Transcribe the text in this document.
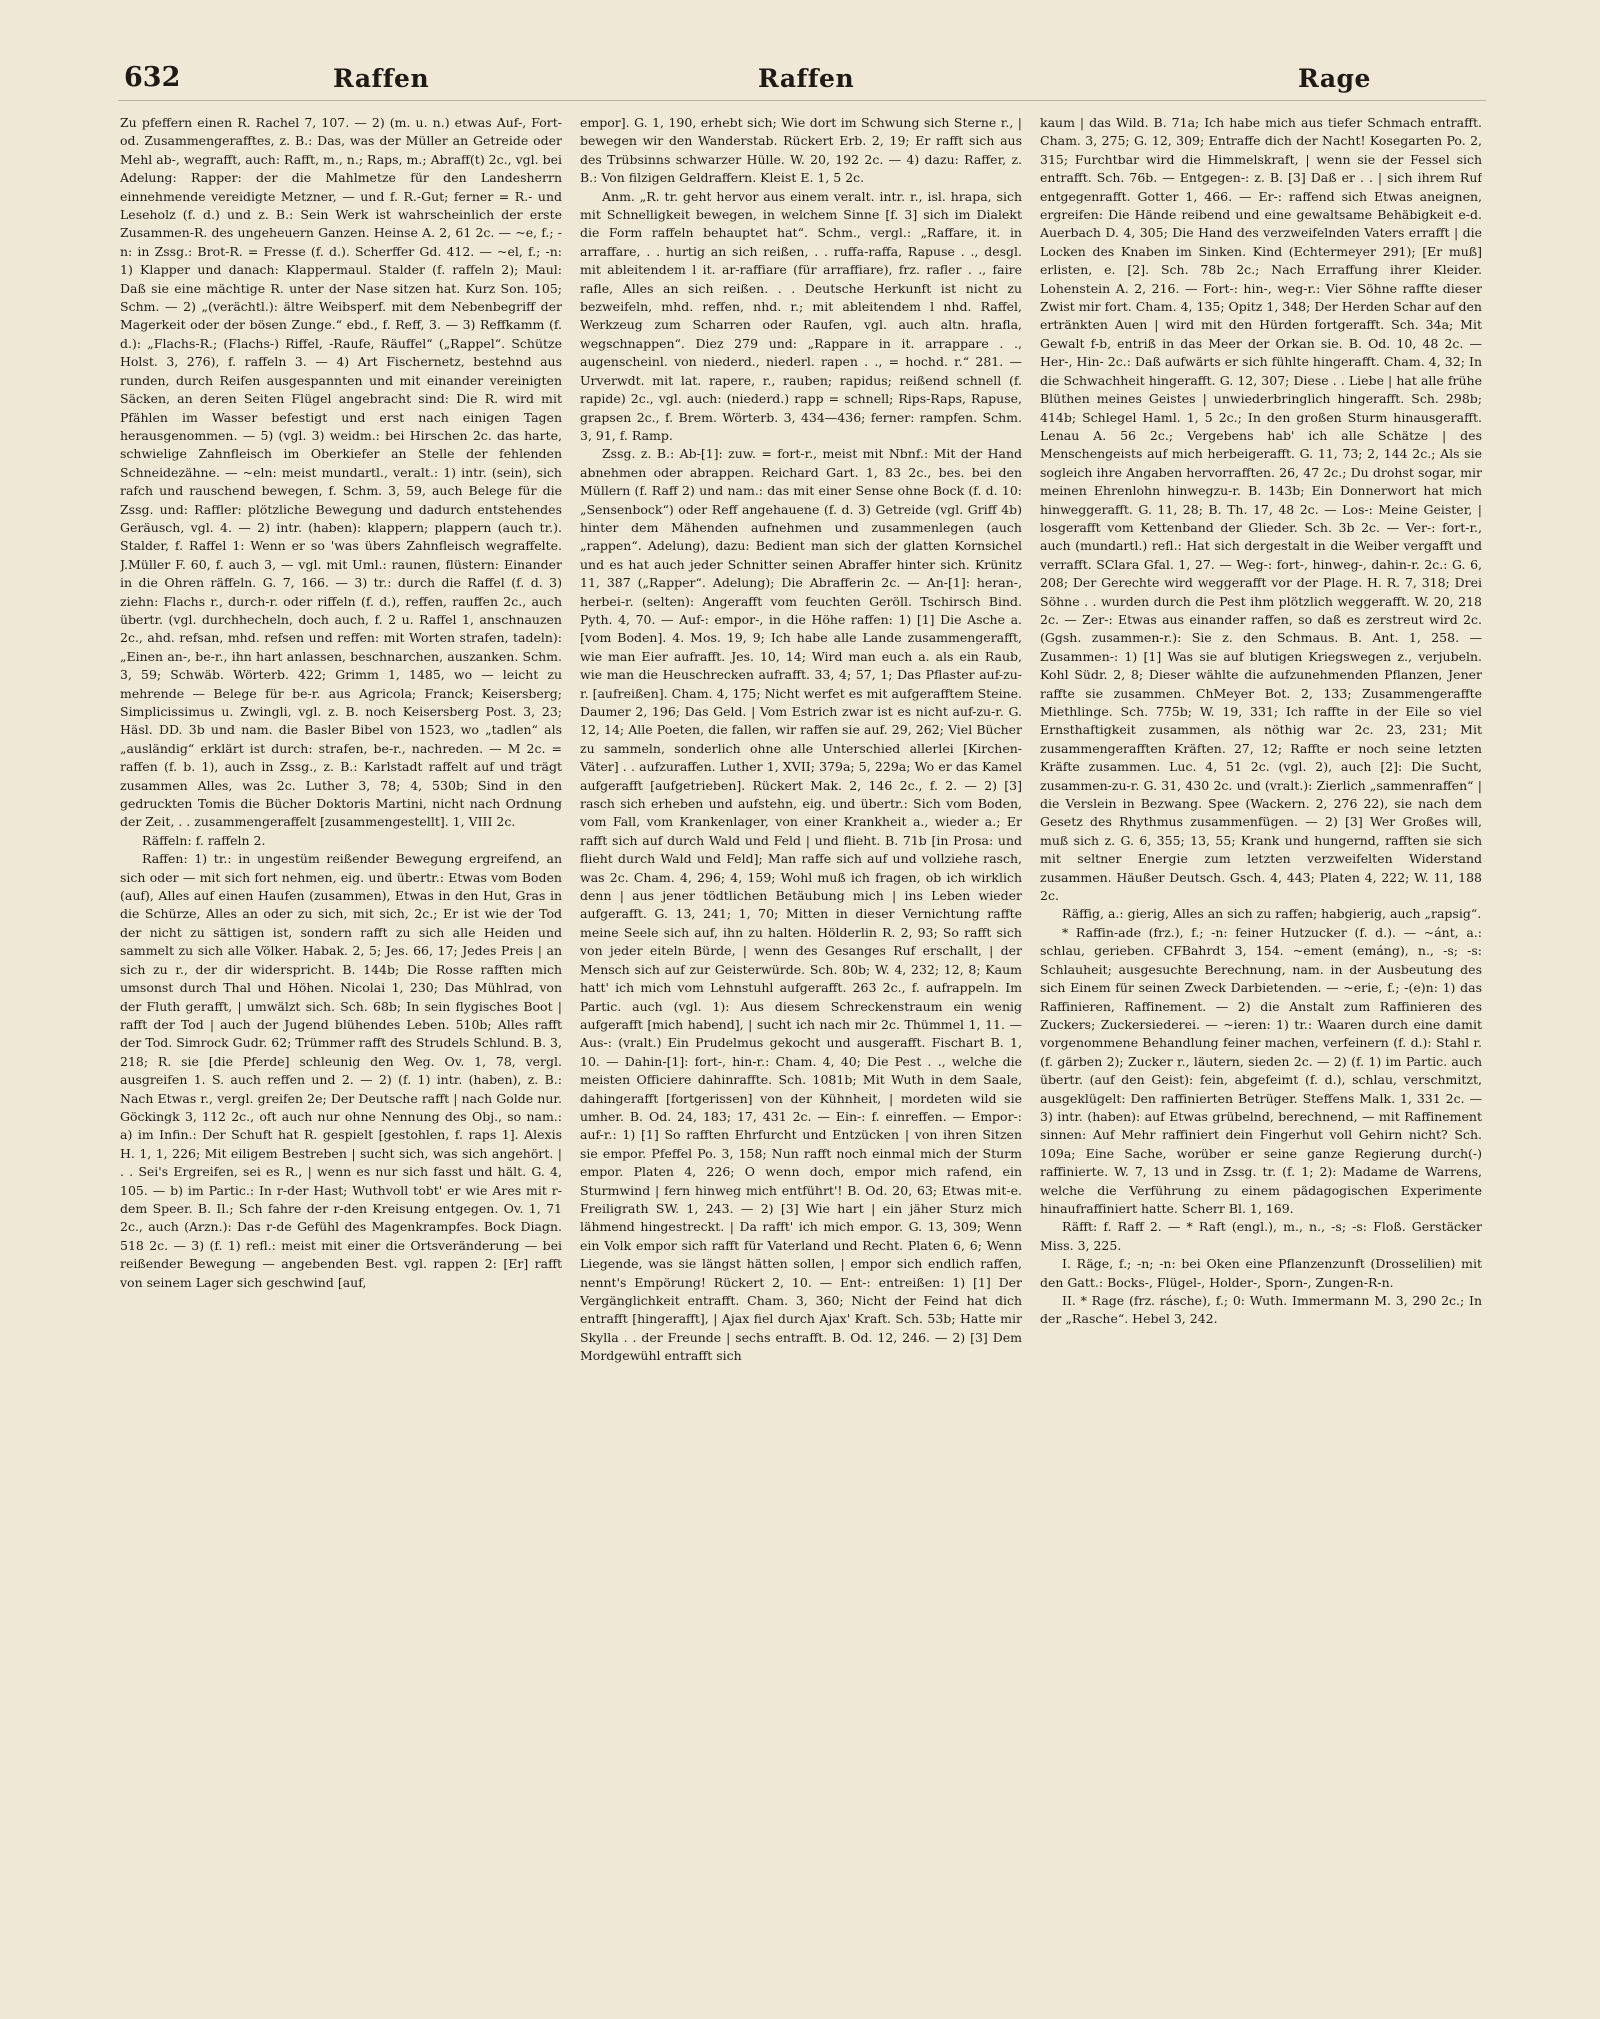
632	Raffen	Raffen	Rage

Zu pfeffern einen R. Rachel 7, 107. — 2) (m. u. n.) etwas Auf-, Fort- od. Zusammengerafftes, z. B.: Das, was der Müller an Getreide oder Mehl ab-, wegrafft, auch: Rafft, m., n.; Raps, m.; Abraff(t) 2c., vgl. bei Adelung: Rapper: der die Mahlmetze für den Landesherrn einnehmende vereidigte Metzner, — und f. R.-Gut; ferner = R.- und Leseholz (f. d.) und z. B.: Sein Werk ist wahrscheinlich der erste Zusammen-R. des ungeheuern Ganzen. Heinse A. 2, 61 2c. — ~e, f.; -n: in Zssg.: Brot-R. = Fresse (f. d.). Scherffer Gd. 412. — ~el, f.; -n: 1) Klapper und danach: Klappermaul. Stalder (f. raffeln 2); Maul: Daß sie eine mächtige R. unter der Nase sitzen hat. Kurz Son. 105; Schm. — 2) „(verächtl.): ältre Weibsperf. mit dem Nebenbegriff der Magerkeit oder der bösen Zunge.“ ebd., f. Reff, 3. — 3) Reffkamm (f. d.): „Flachs-R.; (Flachs-) Riffel, -Raufe, Räuffel“ („Rappel“. Schütze Holst. 3, 276), f. raffeln 3. — 4) Art Fischernetz, bestehnd aus runden, durch Reifen ausgespannten und mit einander vereinigten Säcken, an deren Seiten Flügel angebracht sind: Die R. wird mit Pfählen im Wasser befestigt und erst nach einigen Tagen herausgenommen. — 5) (vgl. 3) weidm.: bei Hirschen 2c. das harte, schwielige Zahnfleisch im Oberkiefer an Stelle der fehlenden Schneidezähne. — ~eln: meist mundartl., veralt.: 1) intr. (sein), sich rafch und rauschend bewegen, f. Schm. 3, 59, auch Belege für die Zssg. und: Raffler: plötzliche Bewegung und dadurch entstehendes Geräusch, vgl. 4. — 2) intr. (haben): klappern; plappern (auch tr.). Stalder, f. Raffel 1: Wenn er so 'was übers Zahnfleisch wegraffelte. J.Müller F. 60, f. auch 3, — vgl. mit Uml.: raunen, flüstern: Einander in die Ohren räffeln. G. 7, 166. — 3) tr.: durch die Raffel (f. d. 3) ziehn: Flachs r., durch-r. oder riffeln (f. d.), reffen, rauffen 2c., auch übertr. (vgl. durchhecheln, doch auch, f. 2 u. Raffel 1, anschnauzen 2c., ahd. refsan, mhd. refsen und reffen: mit Worten strafen, tadeln): „Einen an-, be-r., ihn hart anlassen, beschnarchen, auszanken. Schm. 3, 59; Schwäb. Wörterb. 422; Grimm 1, 1485, wo — leicht zu mehrende — Belege für be-r. aus Agricola; Franck; Keisersberg; Simplicissimus u. Zwingli, vgl. z. B. noch Keisersberg Post. 3, 23; Häsl. DD. 3b und nam. die Basler Bibel von 1523, wo „tadlen“ als „ausländig“ erklärt ist durch: strafen, be-r., nachreden. — M 2c. = raffen (f. b. 1), auch in Zssg., z. B.: Karlstadt raffelt auf und trägt zusammen Alles, was 2c. Luther 3, 78; 4, 530b; Sind in den gedruckten Tomis die Bücher Doktoris Martini, nicht nach Ordnung der Zeit, . . zusammengeraffelt [zusammengestellt]. 1, VIII 2c.

Räffeln: f. raffeln 2.

Raffen: 1) tr.: in ungestüm reißender Bewegung ergreifend, an sich oder — mit sich fort nehmen, eig. und übertr.: Etwas vom Boden (auf), Alles auf einen Haufen (zusammen), Etwas in den Hut, Gras in die Schürze, Alles an oder zu sich, mit sich, 2c.; Er ist wie der Tod der nicht zu sättigen ist, sondern rafft zu sich alle Heiden und sammelt zu sich alle Völker. Habak. 2, 5; Jes. 66, 17; Jedes Preis | an sich zu r., der dir widerspricht. B. 144b; Die Rosse rafften mich umsonst durch Thal und Höhen. Nicolai 1, 230; Das Mühlrad, von der Fluth gerafft, | umwälzt sich. Sch. 68b; In sein flygisches Boot | rafft der Tod | auch der Jugend blühendes Leben. 510b; Alles rafft der Tod. Simrock Gudr. 62; Trümmer rafft des Strudels Schlund. B. 3, 218; R. sie [die Pferde] schleunig den Weg. Ov. 1, 78, vergl. ausgreifen 1. S. auch reffen und 2. — 2) (f. 1) intr. (haben), z. B.: Nach Etwas r., vergl. greifen 2e; Der Deutsche rafft | nach Golde nur. Göckingk 3, 112 2c., oft auch nur ohne Nennung des Obj., so nam.: a) im Infin.: Der Schuft hat R. gespielt [gestohlen, f. raps 1]. Alexis H. 1, 1, 226; Mit eiligem Bestreben | sucht sich, was sich angehört. | . . Sei's Ergreifen, sei es R., | wenn es nur sich fasst und hält. G. 4, 105. — b) im Partic.: In r-der Hast; Wuthvoll tobt' er wie Ares mit r-dem Speer. B. Il.; Sch fahre der r-den Kreisung entgegen. Ov. 1, 71 2c., auch (Arzn.): Das r-de Gefühl des Magenkrampfes. Bock Diagn. 518 2c. — 3) (f. 1) refl.: meist mit einer die Ortsveränderung — bei reißender Bewegung — angebenden Best. vgl. rappen 2: [Er] rafft von seinem Lager sich geschwind [auf,

empor]. G. 1, 190, erhebt sich; Wie dort im Schwung sich Sterne r., | bewegen wir den Wanderstab. Rückert Erb. 2, 19; Er rafft sich aus des Trübsinns schwarzer Hülle. W. 20, 192 2c. — 4) dazu: Raffer, z. B.: Von filzigen Geldraffern. Kleist E. 1, 5 2c.

Anm. „R. tr. geht hervor aus einem veralt. intr. r., isl. hrapa, sich mit Schnelligkeit bewegen, in welchem Sinne [f. 3] sich im Dialekt die Form raffeln behauptet hat“. Schm., vergl.: „Raffare, it. in arraffare, . . hurtig an sich reißen, . . ruffa-raffa, Rapuse . ., desgl. mit ableitendem l it. ar-raffiare (für arraffiare), frz. rafler . ., faire rafle, Alles an sich reißen. . . Deutsche Herkunft ist nicht zu bezweifeln, mhd. reffen, nhd. r.; mit ableitendem l nhd. Raffel, Werkzeug zum Scharren oder Raufen, vgl. auch altn. hrafla, wegschnappen“. Diez 279 und: „Rappare in it. arrappare . ., augenscheinl. von niederd., niederl. rapen . ., = hochd. r.“ 281. — Urverwdt. mit lat. rapere, r., rauben; rapidus; reißend schnell (f. rapide) 2c., vgl. auch: (niederd.) rapp = schnell; Rips-Raps, Rapuse, grapsen 2c., f. Brem. Wörterb. 3, 434—436; ferner: rampfen. Schm. 3, 91, f. Ramp.

Zssg. z. B.: Ab-[1]: zuw. = fort-r., meist mit Nbnf.: Mit der Hand abnehmen oder abrappen. Reichard Gart. 1, 83 2c., bes. bei den Müllern (f. Raff 2) und nam.: das mit einer Sense ohne Bock (f. d. 10: „Sensenbock“) oder Reff angehauene (f. d. 3) Getreide (vgl. Griff 4b) hinter dem Mähenden aufnehmen und zusammenlegen (auch „rappen“. Adelung), dazu: Bedient man sich der glatten Kornsichel und es hat auch jeder Schnitter seinen Abraffer hinter sich. Krünitz 11, 387 („Rapper“. Adelung); Die Abrafferin 2c. — An-[1]: heran-, herbei-r. (selten): Angerafft vom feuchten Geröll. Tschirsch Bind. Pyth. 4, 70. — Auf-: empor-, in die Höhe raffen: 1) [1] Die Asche a. [vom Boden]. 4. Mos. 19, 9; Ich habe alle Lande zusammengerafft, wie man Eier aufrafft. Jes. 10, 14; Wird man euch a. als ein Raub, wie man die Heuschrecken aufrafft. 33, 4; 57, 1; Das Pflaster auf-zu-r. [aufreißen]. Cham. 4, 175; Nicht werfet es mit aufgerafftem Steine. Daumer 2, 196; Das Geld. | Vom Estrich zwar ist es nicht auf-zu-r. G. 12, 14; Alle Poeten, die fallen, wir raffen sie auf. 29, 262; Viel Bücher zu sammeln, sonderlich ohne alle Unterschied allerlei [Kirchen-Väter] . . aufzuraffen. Luther 1, XVII; 379a; 5, 229a; Wo er das Kamel aufgerafft [aufgetrieben]. Rückert Mak. 2, 146 2c., f. 2. — 2) [3] rasch sich erheben und aufstehn, eig. und übertr.: Sich vom Boden, vom Fall, vom Krankenlager, von einer Krankheit a., wieder a.; Er rafft sich auf durch Wald und Feld | und flieht. B. 71b [in Prosa: und flieht durch Wald und Feld]; Man raffe sich auf und vollziehe rasch, was 2c. Cham. 4, 296; 4, 159; Wohl muß ich fragen, ob ich wirklich denn | aus jener tödtlichen Betäubung mich | ins Leben wieder aufgerafft. G. 13, 241; 1, 70; Mitten in dieser Vernichtung raffte meine Seele sich auf, ihn zu halten. Hölderlin R. 2, 93; So rafft sich von jeder eiteln Bürde, | wenn des Gesanges Ruf erschallt, | der Mensch sich auf zur Geisterwürde. Sch. 80b; W. 4, 232; 12, 8; Kaum hatt' ich mich vom Lehnstuhl aufgerafft. 263 2c., f. aufrappeln. Im Partic. auch (vgl. 1): Aus diesem Schreckenstraum ein wenig aufgerafft [mich habend], | sucht ich nach mir 2c. Thümmel 1, 11. — Aus-: (vralt.) Ein Prudelmus gekocht und ausgerafft. Fischart B. 1, 10. — Dahin-[1]: fort-, hin-r.: Cham. 4, 40; Die Pest . ., welche die meisten Officiere dahinraffte. Sch. 1081b; Mit Wuth in dem Saale, dahingerafft [fortgerissen] von der Kühnheit, | mordeten wild sie umher. B. Od. 24, 183; 17, 431 2c. — Ein-: f. einreffen. — Empor-: auf-r.: 1) [1] So rafften Ehrfurcht und Entzücken | von ihren Sitzen sie empor. Pfeffel Po. 3, 158; Nun rafft noch einmal mich der Sturm empor. Platen 4, 226; O wenn doch, empor mich rafend, ein Sturmwind | fern hinweg mich entführt'! B. Od. 20, 63; Etwas mit-e. Freiligrath SW. 1, 243. — 2) [3] Wie hart | ein jäher Sturz mich lähmend hingestreckt. | Da rafft' ich mich empor. G. 13, 309; Wenn ein Volk empor sich rafft für Vaterland und Recht. Platen 6, 6; Wenn Liegende, was sie längst hätten sollen, | empor sich endlich raffen, nennt's Empörung! Rückert 2, 10. — Ent-: entreißen: 1) [1] Der Vergänglichkeit entrafft. Cham. 3, 360; Nicht der Feind hat dich entrafft [hingerafft], | Ajax fiel durch Ajax' Kraft. Sch. 53b; Hatte mir Skylla . . der Freunde | sechs entrafft. B. Od. 12, 246. — 2) [3] Dem Mordgewühl entrafft sich

kaum | das Wild. B. 71a; Ich habe mich aus tiefer Schmach entrafft. Cham. 3, 275; G. 12, 309; Entraffe dich der Nacht! Kosegarten Po. 2, 315; Furchtbar wird die Himmelskraft, | wenn sie der Fessel sich entrafft. Sch. 76b. — Entgegen-: z. B. [3] Daß er . . | sich ihrem Ruf entgegenrafft. Gotter 1, 466. — Er-: raffend sich Etwas aneignen, ergreifen: Die Hände reibend und eine gewaltsame Behäbigkeit e-d. Auerbach D. 4, 305; Die Hand des verzweifelnden Vaters errafft | die Locken des Knaben im Sinken. Kind (Echtermeyer 291); [Er muß] erlisten, e. [2]. Sch. 78b 2c.; Nach Erraffung ihrer Kleider. Lohenstein A. 2, 216. — Fort-: hin-, weg-r.: Vier Söhne raffte dieser Zwist mir fort. Cham. 4, 135; Opitz 1, 348; Der Herden Schar auf den ertränkten Auen | wird mit den Hürden fortgerafft. Sch. 34a; Mit Gewalt f-b, entriß in das Meer der Orkan sie. B. Od. 10, 48 2c. — Her-, Hin- 2c.: Daß aufwärts er sich fühlte hingerafft. Cham. 4, 32; In die Schwachheit hingerafft. G. 12, 307; Diese . . Liebe | hat alle frühe Blüthen meines Geistes | unwiederbringlich hingerafft. Sch. 298b; 414b; Schlegel Haml. 1, 5 2c.; In den großen Sturm hinausgerafft. Lenau A. 56 2c.; Vergebens hab' ich alle Schätze | des Menschengeists auf mich herbeigerafft. G. 11, 73; 2, 144 2c.; Als sie sogleich ihre Angaben hervorrafften. 26, 47 2c.; Du drohst sogar, mir meinen Ehrenlohn hinwegzu-r. B. 143b; Ein Donnerwort hat mich hinweggerafft. G. 11, 28; B. Th. 17, 48 2c. — Los-: Meine Geister, | losgerafft vom Kettenband der Glieder. Sch. 3b 2c. — Ver-: fort-r., auch (mundartl.) refl.: Hat sich dergestalt in die Weiber vergafft und verrafft. SClara Gfal. 1, 27. — Weg-: fort-, hinweg-, dahin-r. 2c.: G. 6, 208; Der Gerechte wird weggerafft vor der Plage. H. R. 7, 318; Drei Söhne . . wurden durch die Pest ihm plötzlich weggerafft. W. 20, 218 2c. — Zer-: Etwas aus einander raffen, so daß es zerstreut wird 2c. (Ggsh. zusammen-r.): Sie z. den Schmaus. B. Ant. 1, 258. — Zusammen-: 1) [1] Was sie auf blutigen Kriegswegen z., verjubeln. Kohl Südr. 2, 8; Dieser wählte die aufzunehmenden Pflanzen, Jener raffte sie zusammen. ChMeyer Bot. 2, 133; Zusammengeraffte Miethlinge. Sch. 775b; W. 19, 331; Ich raffte in der Eile so viel Ernsthaftigkeit zusammen, als nöthig war 2c. 23, 231; Mit zusammengerafften Kräften. 27, 12; Raffte er noch seine letzten Kräfte zusammen. Luc. 4, 51 2c. (vgl. 2), auch [2]: Die Sucht, zusammen-zu-r. G. 31, 430 2c. und (vralt.): Zierlich „sammenraffen“ | die Verslein in Bezwang. Spee (Wackern. 2, 276 22), sie nach dem Gesetz des Rhythmus zusammenfügen. — 2) [3] Wer Großes will, muß sich z. G. 6, 355; 13, 55; Krank und hungernd, rafften sie sich mit seltner Energie zum letzten verzweifelten Widerstand zusammen. Häußer Deutsch. Gsch. 4, 443; Platen 4, 222; W. 11, 188 2c.

Räffig, a.: gierig, Alles an sich zu raffen; habgierig, auch „rapsig“.

* Raffin-ade (frz.), f.; -n: feiner Hutzucker (f. d.). — ~ánt, a.: schlau, gerieben. CFBahrdt 3, 154. ~ement (emáng), n., -s; -s: Schlauheit; ausgesuchte Berechnung, nam. in der Ausbeutung des sich Einem für seinen Zweck Darbietenden. — ~erie, f.; -(e)n: 1) das Raffinieren, Raffinement. — 2) die Anstalt zum Raffinieren des Zuckers; Zuckersiederei. — ~ieren: 1) tr.: Waaren durch eine damit vorgenommene Behandlung feiner machen, verfeinern (f. d.): Stahl r. (f. gärben 2); Zucker r., läutern, sieden 2c. — 2) (f. 1) im Partic. auch übertr. (auf den Geist): fein, abgefeimt (f. d.), schlau, verschmitzt, ausgeklügelt: Den raffinierten Betrüger. Steffens Malk. 1, 331 2c. — 3) intr. (haben): auf Etwas grübelnd, berechnend, — mit Raffinement sinnen: Auf Mehr raffiniert dein Fingerhut voll Gehirn nicht? Sch. 109a; Eine Sache, worüber er seine ganze Regierung durch(-) raffinierte. W. 7, 13 und in Zssg. tr. (f. 1; 2): Madame de Warrens, welche die Verführung zu einem pädagogischen Experimente hinaufraffiniert hatte. Scherr Bl. 1, 169.

Räfft: f. Raff 2. — * Raft (engl.), m., n., -s; -s: Floß. Gerstäcker Miss. 3, 225.

I. Räge, f.; -n; -n: bei Oken eine Pflanzenzunft (Drosselilien) mit den Gatt.: Bocks-, Flügel-, Holder-, Sporn-, Zungen-R-n.

II. * Rage (frz. rásche), f.; 0: Wuth. Immermann M. 3, 290 2c.; In der „Rasche“. Hebel 3, 242.
